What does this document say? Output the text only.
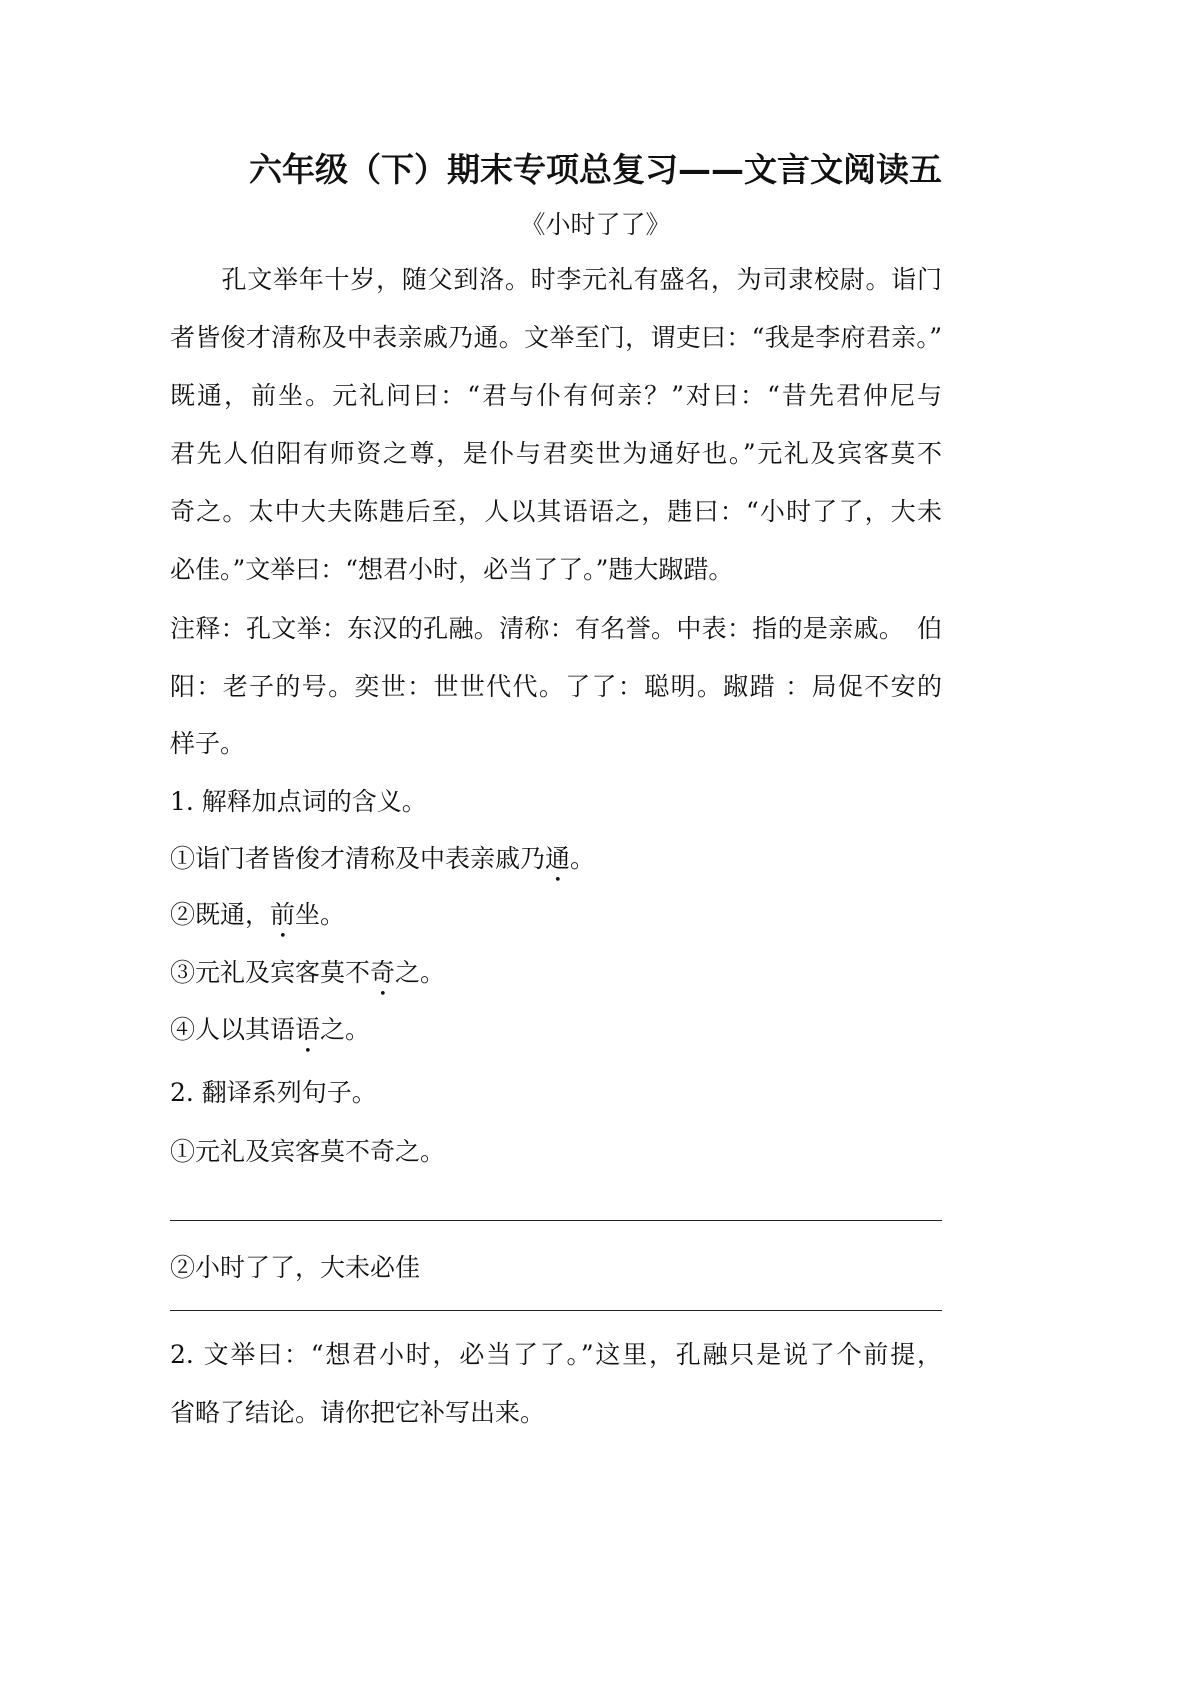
六年级（下）期末专项总复习——文言文阅读五
《小时了了》
　　孔文举年十岁，随父到洛。时李元礼有盛名，为司隶校尉。诣门
者皆俊才清称及中表亲戚乃通。文举至门，谓吏曰：“我是李府君亲。”
既通，前坐。元礼问曰：“君与仆有何亲？”对曰：“昔先君仲尼与
君先人伯阳有师资之尊，是仆与君奕世为通好也。”元礼及宾客莫不
奇之。太中大夫陈韪后至，人以其语语之，韪曰：“小时了了，大未
必佳。”文举曰：“想君小时，必当了了。”韪大踧踖。
注释：孔文举：东汉的孔融。清称：有名誉。中表：指的是亲戚。　伯
阳：老子的号。奕世：世世代代。了了：聪明。踧踖 ：局促不安的
样子。
1. 解释加点词的含义。
①诣门者皆俊才清称及中表亲戚乃通。
②既通，前坐。
③元礼及宾客莫不奇之。
④人以其语语之。
2. 翻译系列句子。
①元礼及宾客莫不奇之。
②小时了了，大未必佳
2. 文举曰：“想君小时，必当了了。”这里，孔融只是说了个前提，
省略了结论。请你把它补写出来。
